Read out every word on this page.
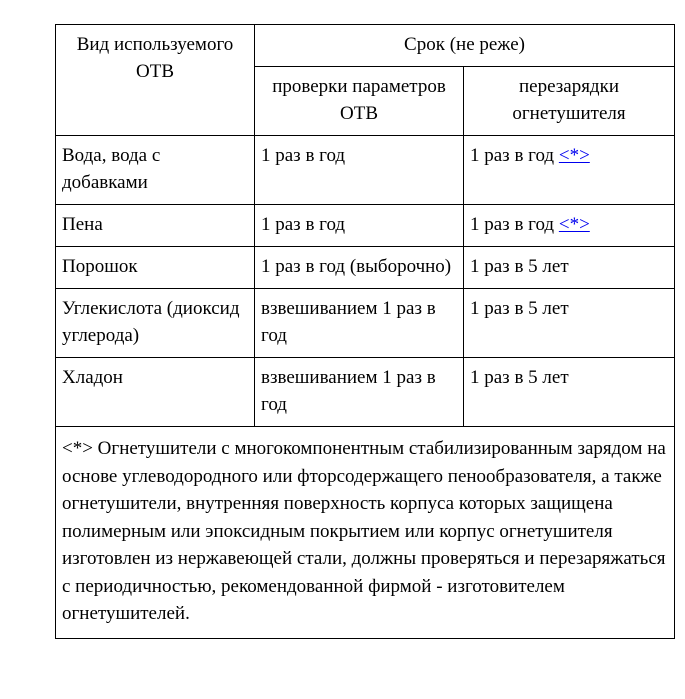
Вид используемого ОТВ	Срок (не реже)	
	проверки параметров ОТВ	перезарядки огнетушителя
Вода, вода с добавками	1 раз в год	1 раз в год <*>
Пена	1 раз в год	1 раз в год <*>
Порошок	1 раз в год (выборочно)	1 раз в 5 лет
Углекислота (диоксид углерода)	взвешиванием 1 раз в год	1 раз в 5 лет
Хладон	взвешиванием 1 раз в год	1 раз в 5 лет
<*> Огнетушители с многокомпонентным стабилизированным зарядом на основе углеводородного или фторсодержащего пенообразователя, а также огнетушители, внутренняя поверхность корпуса которых защищена полимерным или эпоксидным покрытием или корпус огнетушителя изготовлен из нержавеющей стали, должны проверяться и перезаряжаться с периодичностью, рекомендованной фирмой - изготовителем огнетушителей.		
